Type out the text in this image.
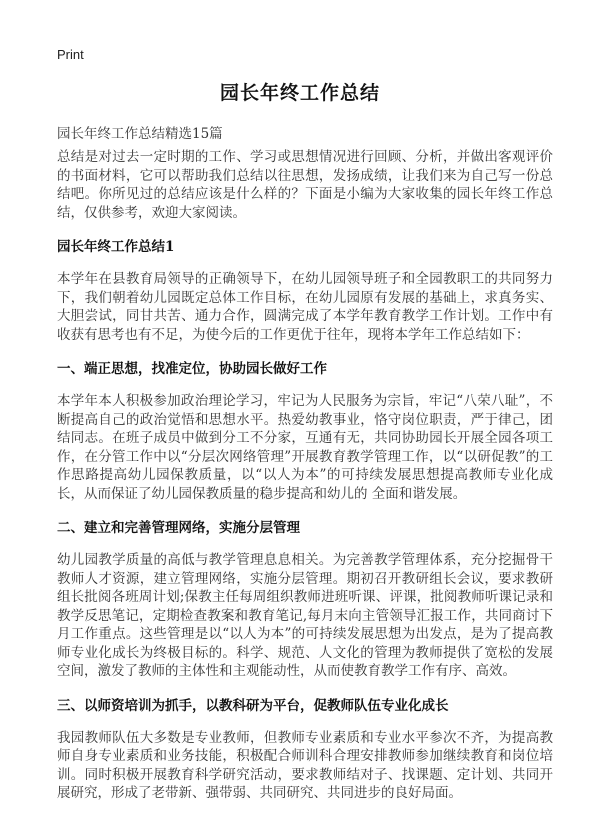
Print
园长年终工作总结
园长年终工作总结精选15篇

总结是对过去一定时期的工作、学习或思想情况进行回顾、分析，并做出客观评价的书面材料，它可以帮助我们总结以往思想，发扬成绩，让我们来为自己写一份总结吧。你所见过的总结应该是什么样的？下面是小编为大家收集的园长年终工作总结，仅供参考，欢迎大家阅读。

园长年终工作总结1

本学年在县教育局领导的正确领导下，在幼儿园领导班子和全园教职工的共同努力下，我们朝着幼儿园既定总体工作目标，在幼儿园原有发展的基础上，求真务实、大胆尝试，同甘共苦、通力合作，圆满完成了本学年教育教学工作计划。工作中有收获有思考也有不足，为使今后的工作更优于往年，现将本学年工作总结如下：

一、端正思想，找准定位，协助园长做好工作

本学年本人积极参加政治理论学习，牢记为人民服务为宗旨，牢记“八荣八耻”，不断提高自己的政治觉悟和思想水平。热爱幼教事业，恪守岗位职责，严于律己，团结同志。在班子成员中做到分工不分家，互通有无，共同协助园长开展全园各项工作，在分管工作中以“分层次网络管理”开展教育教学管理工作，以“以研促教”的工作思路提高幼儿园保教质量，以“以人为本”的可持续发展思想提高教师专业化成长，从而保证了幼儿园保教质量的稳步提高和幼儿的 全面和谐发展。

二、建立和完善管理网络，实施分层管理

幼儿园教学质量的高低与教学管理息息相关。为完善教学管理体系，充分挖掘骨干教师人才资源，建立管理网络，实施分层管理。期初召开教研组长会议，要求教研组长批阅各班周计划;保教主任每周组织教师进班听课、评课，批阅教师听课记录和教学反思笔记，定期检查教案和教育笔记,每月末向主管领导汇报工作，共同商讨下月工作重点。这些管理是以“以人为本”的可持续发展思想为出发点，是为了提高教师专业化成长为终极目标的。科学、规范、人文化的管理为教师提供了宽松的发展空间，激发了教师的主体性和主观能动性，从而使教育教学工作有序、高效。

三、以师资培训为抓手，以教科研为平台，促教师队伍专业化成长

我园教师队伍大多数是专业教师，但教师专业素质和专业水平参次不齐，为提高教师自身专业素质和业务技能，积极配合师训科合理安排教师参加继续教育和岗位培训。同时积极开展教育科学研究活动，要求教师结对子、找课题、定计划、共同开展研究，形成了老带新、强带弱、共同研究、共同进步的良好局面。
